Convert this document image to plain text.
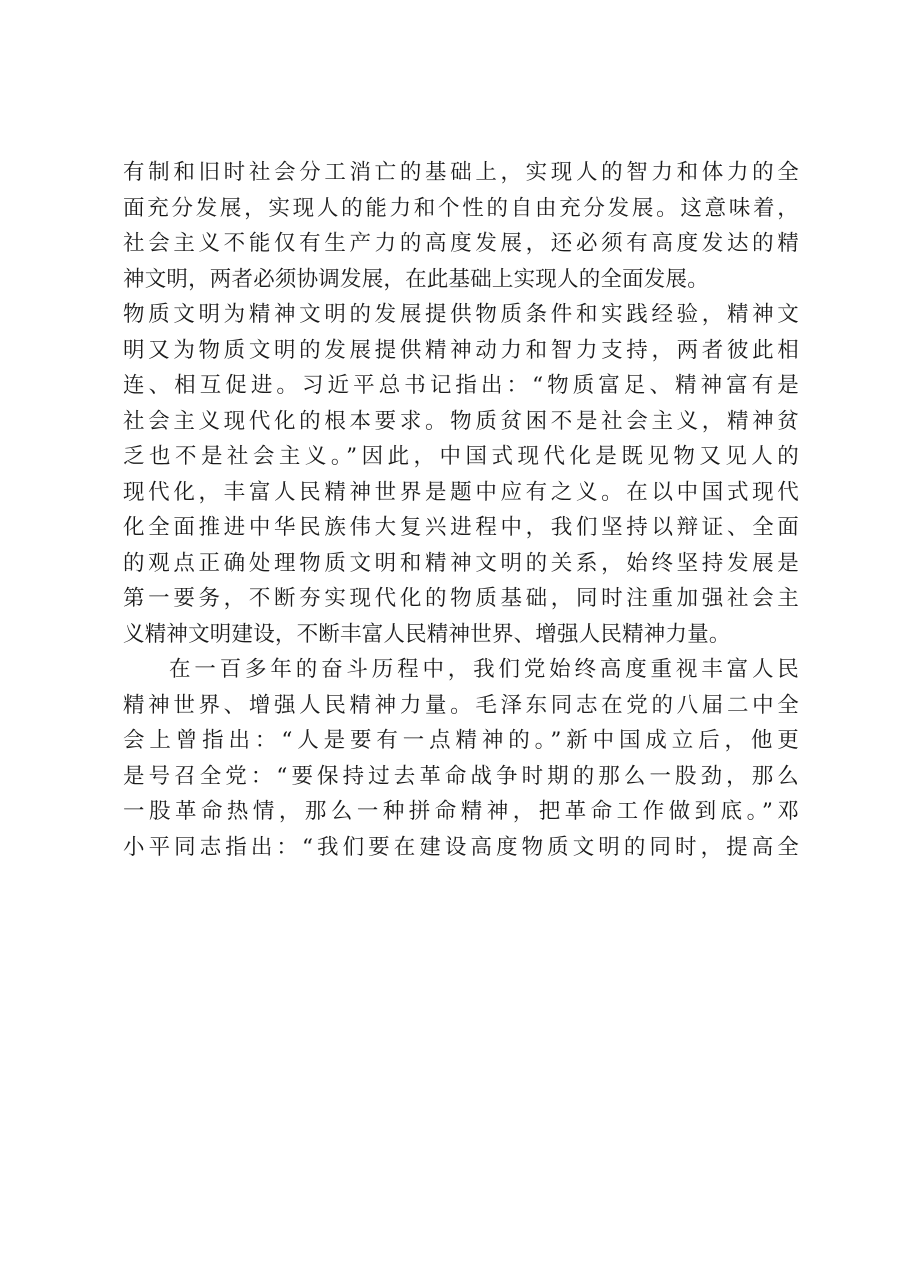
有制和旧时社会分工消亡的基础上，实现人的智力和体力的全
面充分发展，实现人的能力和个性的自由充分发展。这意味着，
社会主义不能仅有生产力的高度发展，还必须有高度发达的精
神文明，两者必须协调发展，在此基础上实现人的全面发展。
物质文明为精神文明的发展提供物质条件和实践经验，精神文
明又为物质文明的发展提供精神动力和智力支持，两者彼此相
连、相互促进。习近平总书记指出：“物质富足、精神富有是
社会主义现代化的根本要求。物质贫困不是社会主义，精神贫
乏也不是社会主义。”因此，中国式现代化是既见物又见人的
现代化，丰富人民精神世界是题中应有之义。在以中国式现代
化全面推进中华民族伟大复兴进程中，我们坚持以辩证、全面
的观点正确处理物质文明和精神文明的关系，始终坚持发展是
第一要务，不断夯实现代化的物质基础，同时注重加强社会主
义精神文明建设，不断丰富人民精神世界、增强人民精神力量。
在一百多年的奋斗历程中，我们党始终高度重视丰富人民
精神世界、增强人民精神力量。毛泽东同志在党的八届二中全
会上曾指出：“人是要有一点精神的。”新中国成立后，他更
是号召全党：“要保持过去革命战争时期的那么一股劲，那么
一股革命热情，那么一种拼命精神，把革命工作做到底。”邓
小平同志指出：“我们要在建设高度物质文明的同时，提高全
